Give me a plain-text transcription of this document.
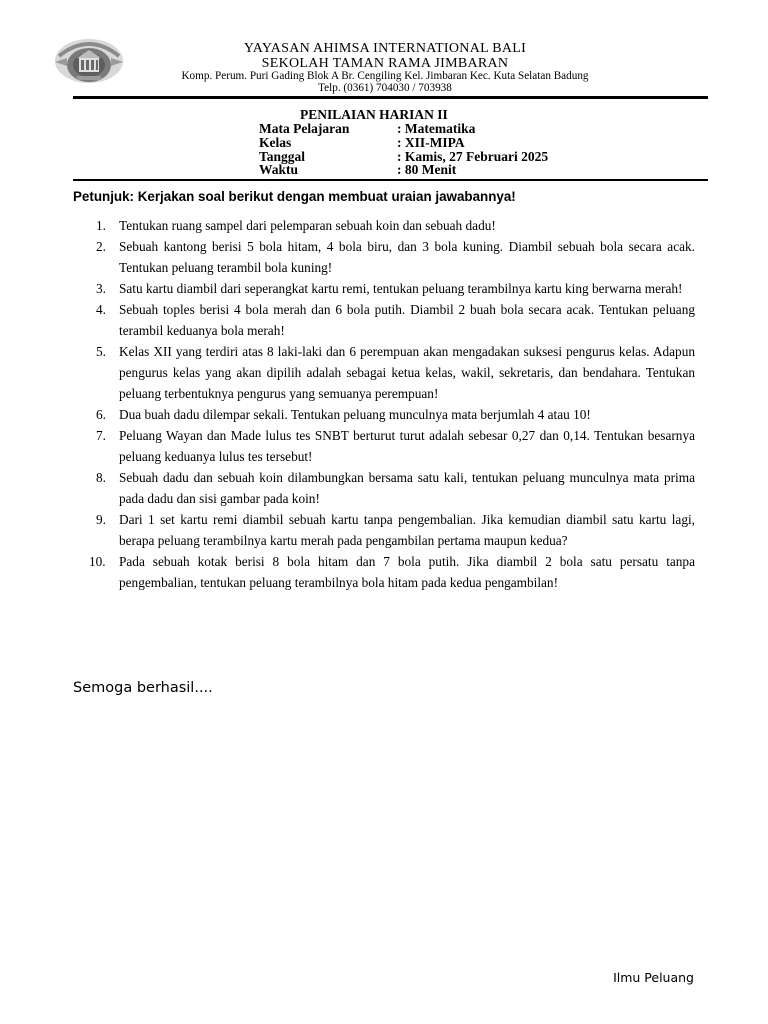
YAYASAN AHIMSA INTERNATIONAL BALI
SEKOLAH TAMAN RAMA JIMBARAN
Komp. Perum. Puri Gading Blok A Br. Cengiling Kel. Jimbaran Kec. Kuta Selatan Badung
Telp. (0361) 704030 / 703938
PENILAIAN HARIAN II
Mata Pelajaran	: Matematika
Kelas	: XII-MIPA
Tanggal	: Kamis, 27 Februari 2025
Waktu	: 80 Menit
Petunjuk: Kerjakan soal berikut dengan membuat uraian jawabannya!
1. Tentukan ruang sampel dari pelemparan sebuah koin dan sebuah dadu!
2. Sebuah kantong berisi 5 bola hitam, 4 bola biru, dan 3 bola kuning. Diambil sebuah bola secara acak. Tentukan peluang terambil bola kuning!
3. Satu kartu diambil dari seperangkat kartu remi, tentukan peluang terambilnya kartu king berwarna merah!
4. Sebuah toples berisi 4 bola merah dan 6 bola putih. Diambil 2 buah bola secara acak. Tentukan peluang terambil keduanya bola merah!
5. Kelas XII yang terdiri atas 8 laki-laki dan 6 perempuan akan mengadakan suksesi pengurus kelas. Adapun pengurus kelas yang akan dipilih adalah sebagai ketua kelas, wakil, sekretaris, dan bendahara. Tentukan peluang terbentuknya pengurus yang semuanya perempuan!
6. Dua buah dadu dilempar sekali. Tentukan peluang munculnya mata berjumlah 4 atau 10!
7. Peluang Wayan dan Made lulus tes SNBT berturut turut adalah sebesar 0,27 dan 0,14. Tentukan besarnya peluang keduanya lulus tes tersebut!
8. Sebuah dadu dan sebuah koin dilambungkan bersama satu kali, tentukan peluang munculnya mata prima pada dadu dan sisi gambar pada koin!
9. Dari 1 set kartu remi diambil sebuah kartu tanpa pengembalian. Jika kemudian diambil satu kartu lagi, berapa peluang terambilnya kartu merah pada pengambilan pertama maupun kedua?
10. Pada sebuah kotak berisi 8 bola hitam dan 7 bola putih. Jika diambil 2 bola satu persatu tanpa pengembalian, tentukan peluang terambilnya bola hitam pada kedua pengambilan!
Semoga berhasil....
Ilmu Peluang
